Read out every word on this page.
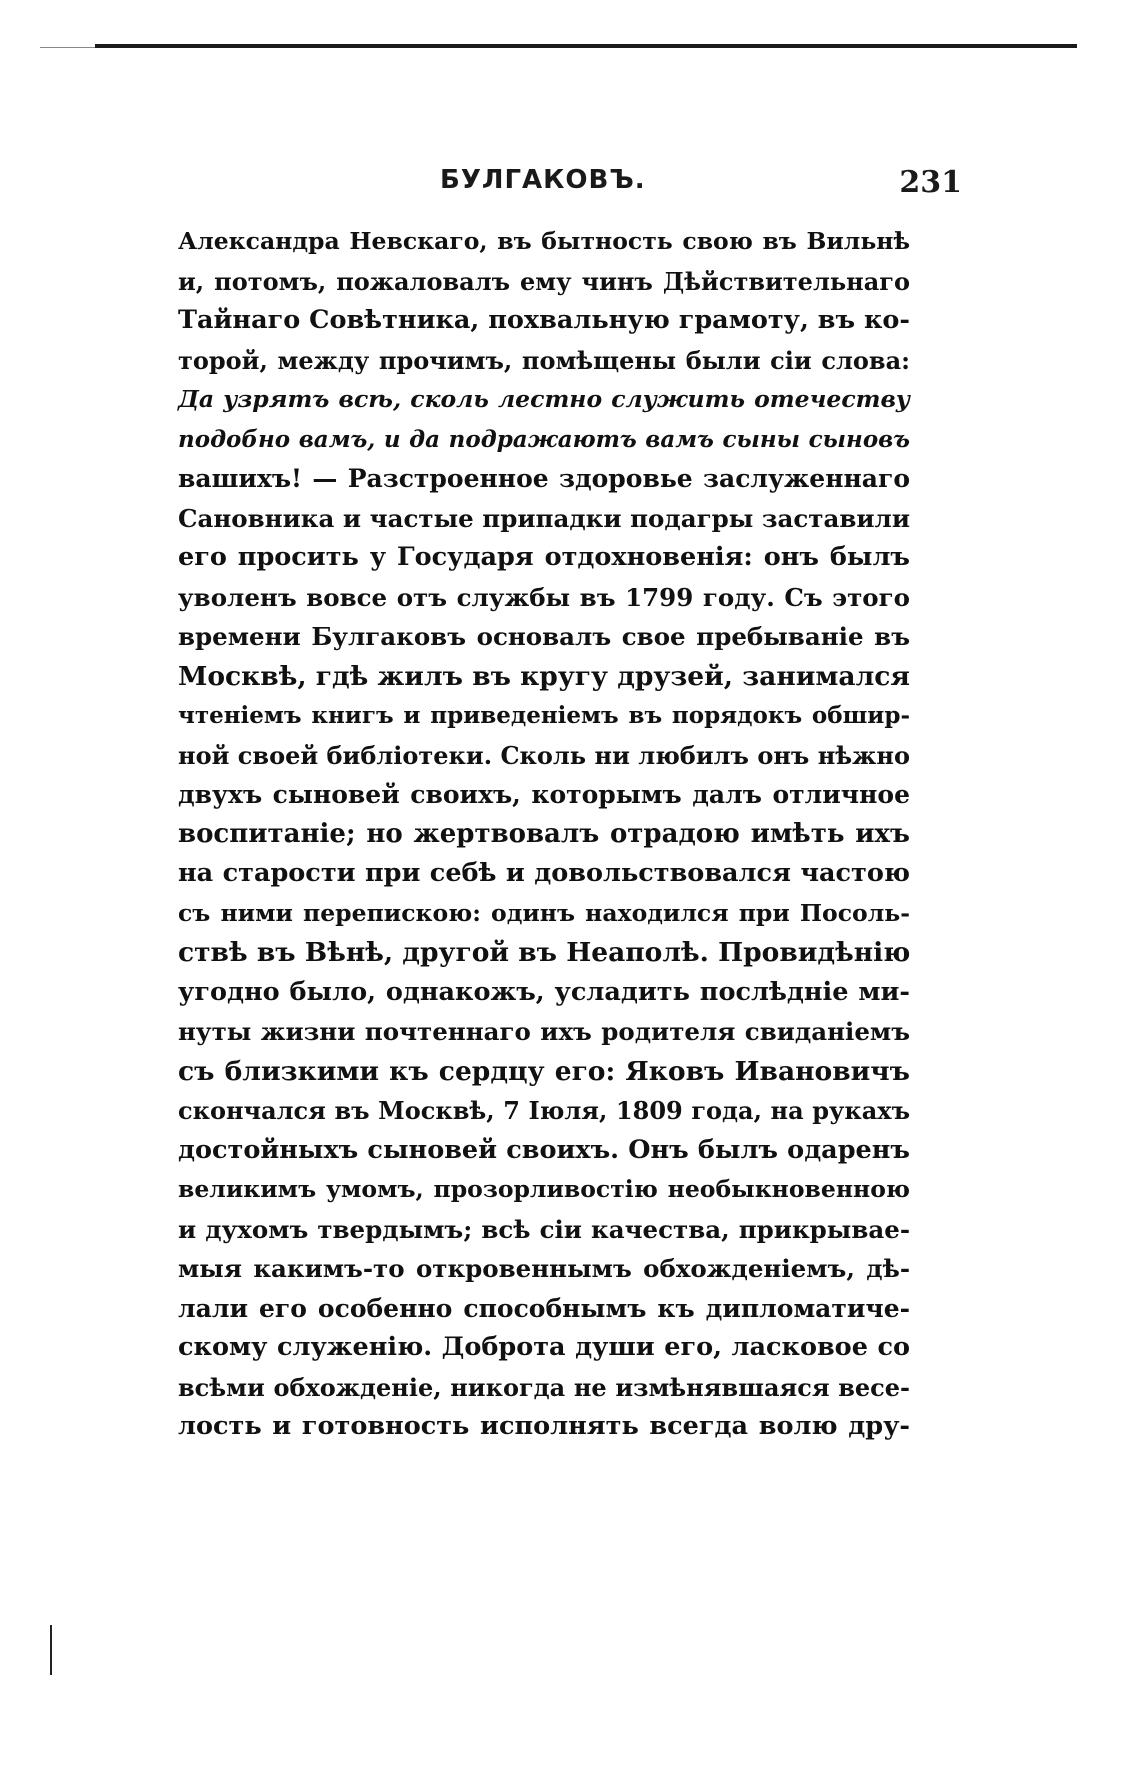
БУЛГАКОВЪ.	231
Александра Невскаго, въ бытность свою въ Вильнѣ
и, потомъ, пожаловалъ ему чинъ Дѣйствительнаго
Тайнаго Совѣтника, похвальную грамоту, въ ко-
торой, между прочимъ, помѣщены были сіи слова:
Да узрятъ всѣ, сколь лестно служить отечеству
подобно вамъ, и да подражаютъ вамъ сыны сыновъ
вашихъ! — Разстроенное здоровье заслуженнаго
Сановника и частые припадки подагры заставили
его просить у Государя отдохновенія: онъ былъ
уволенъ вовсе отъ службы въ 1799 году. Съ этого
времени Булгаковъ основалъ свое пребываніе въ
Москвѣ, гдѣ жилъ въ кругу друзей, занимался
чтеніемъ книгъ и приведеніемъ въ порядокъ обшир-
ной своей библіотеки. Сколь ни любилъ онъ нѣжно
двухъ сыновей своихъ, которымъ далъ отличное
воспитаніе; но жертвовалъ отрадою имѣть ихъ
на старости при себѣ и довольствовался частою
съ ними перепискою: одинъ находился при Посоль-
ствѣ въ Вѣнѣ, другой въ Неаполѣ. Провидѣнію
угодно было, однакожъ, усладить послѣдніе ми-
нуты жизни почтеннаго ихъ родителя свиданіемъ
съ близкими къ сердцу его: Яковъ Ивановичъ
скончался въ Москвѣ, 7 Іюля, 1809 года, на рукахъ
достойныхъ сыновей своихъ. Онъ былъ одаренъ
великимъ умомъ, прозорливостію необыкновенною
и духомъ твердымъ; всѣ сіи качества, прикрывае-
мыя какимъ-то откровеннымъ обхожденіемъ, дѣ-
лали его особенно способнымъ къ дипломатиче-
скому служенію. Доброта души его, ласковое со
всѣми обхожденіе, никогда не измѣнявшаяся весе-
лость и готовность исполнять всегда волю дру-
